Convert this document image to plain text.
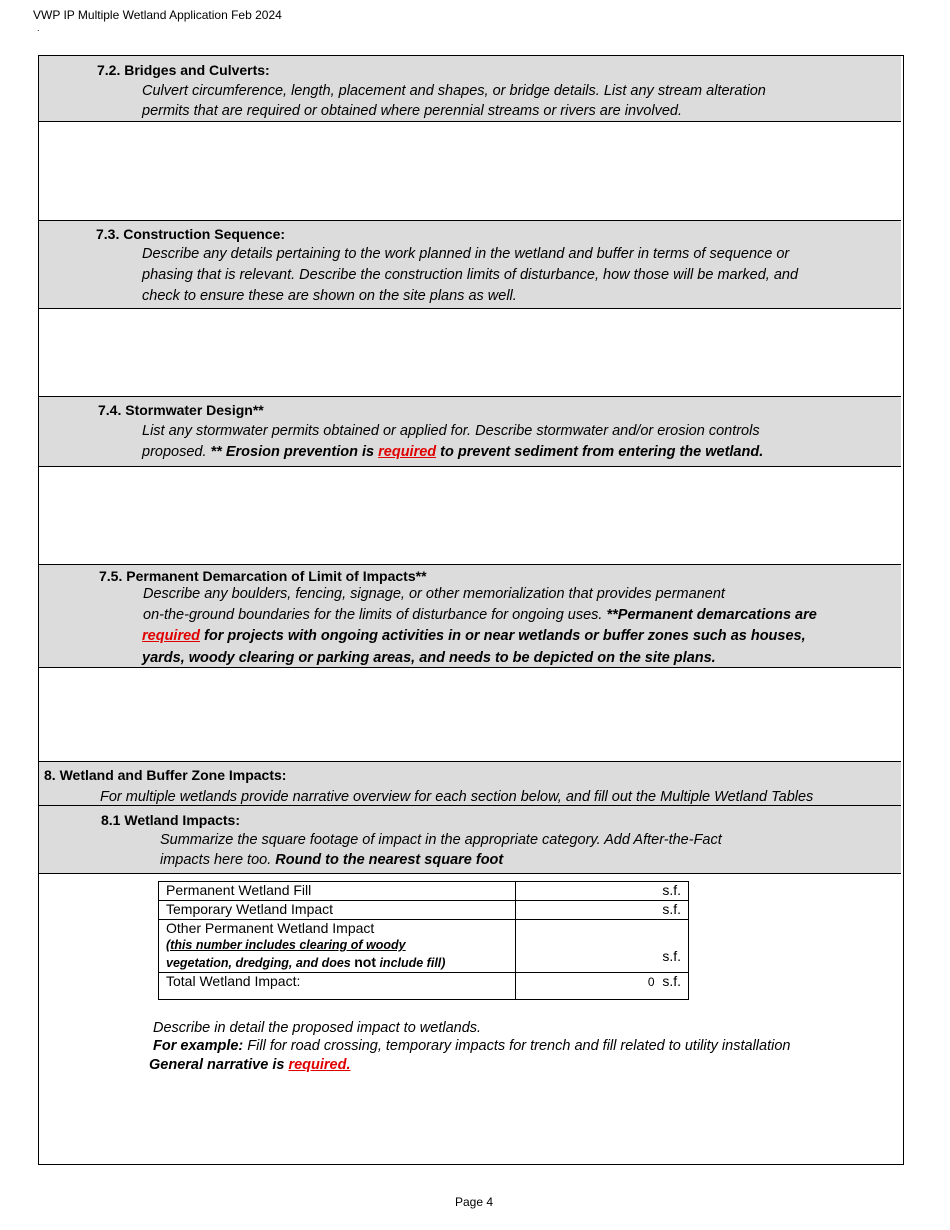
VWP IP Multiple Wetland Application Feb 2024
.
7.2. Bridges and Culverts:
Culvert circumference, length, placement and shapes, or bridge details. List any stream alteration
permits that are required or obtained where perennial streams or rivers are involved.
7.3. Construction Sequence:
Describe any details pertaining to the work planned in the wetland and buffer in terms of sequence or
phasing that is relevant. Describe the construction limits of disturbance, how those will be marked, and
check to ensure these are shown on the site plans as well.
7.4. Stormwater Design**
List any stormwater permits obtained or applied for. Describe stormwater and/or erosion controls
proposed. ** Erosion prevention is required to prevent sediment from entering the wetland.
7.5. Permanent Demarcation of Limit of Impacts**
Describe any boulders, fencing, signage, or other memorialization that provides permanent
on-the-ground boundaries for the limits of disturbance for ongoing uses. **Permanent demarcations are
required for projects with ongoing activities in or near wetlands or buffer zones such as houses,
yards, woody clearing or parking areas, and needs to be depicted on the site plans.
8. Wetland and Buffer Zone Impacts:
For multiple wetlands provide narrative overview for each section below, and fill out the Multiple Wetland Tables
8.1 Wetland Impacts:
Summarize the square footage of impact in the appropriate category. Add After-the-Fact
impacts here too. Round to the nearest square foot
Permanent Wetland Fill	s.f.
Temporary Wetland Impact	s.f.

Other Permanent Wetland Impact
(this number includes clearing of woody
vegetation, dredging, and does not include fill)	s.f.
Total Wetland Impact:	0 s.f.
Describe in detail the proposed impact to wetlands.
For example: Fill for road crossing, temporary impacts for trench and fill related to utility installation
General narrative is required.
Page 4
